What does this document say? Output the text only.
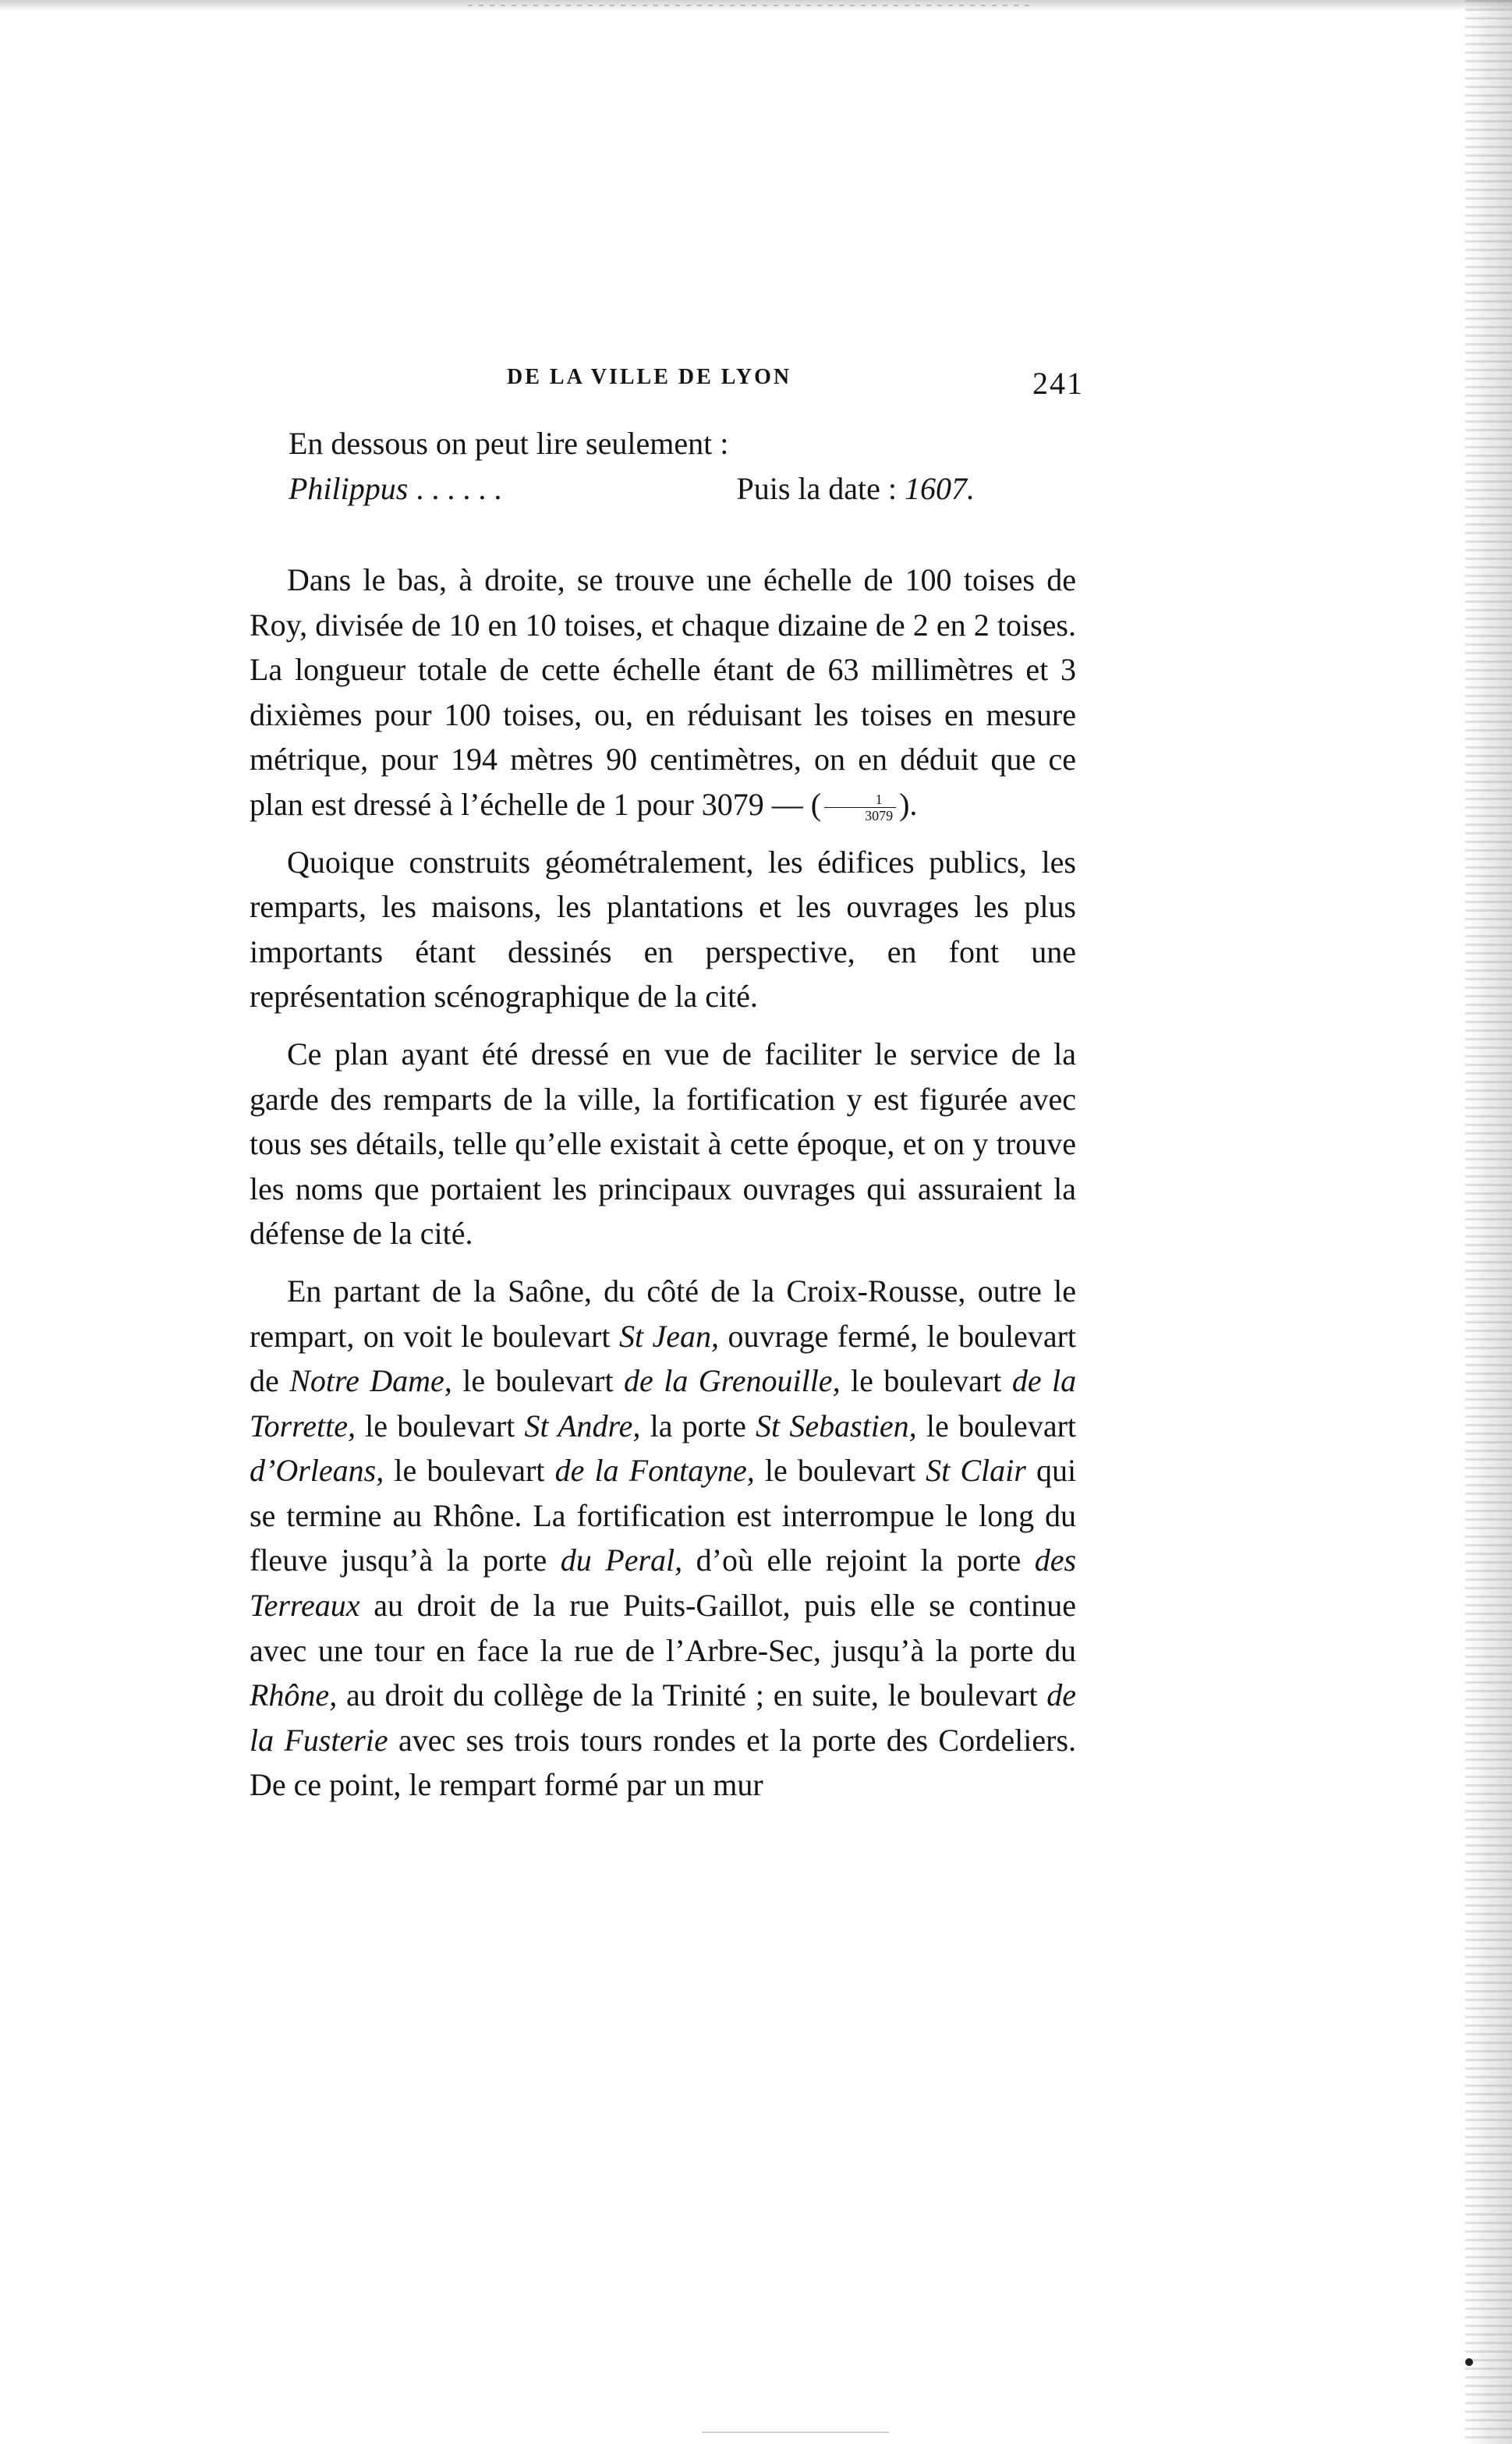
DE LA VILLE DE LYON	241
En dessous on peut lire seulement :
Philippus . . . . . .	Puis la date : 1607.

Dans le bas, à droite, se trouve une échelle de 100 toises de Roy, divisée de 10 en 10 toises, et chaque dizaine de 2 en 2 toises. La longueur totale de cette échelle étant de 63 millimètres et 3 dixièmes pour 100 toises, ou, en réduisant les toises en mesure métrique, pour 194 mètres 90 centimètres, on en déduit que ce plan est dressé à l’échelle de 1 pour 3079 — ( $\frac{1}{3079}$ ).

Quoique construits géométralement, les édifices publics, les remparts, les maisons, les plantations et les ouvrages les plus importants étant dessinés en perspective, en font une représentation scénographique de la cité.

Ce plan ayant été dressé en vue de faciliter le service de la garde des remparts de la ville, la fortification y est figurée avec tous ses détails, telle qu’elle existait à cette époque, et on y trouve les noms que portaient les principaux ouvrages qui assuraient la défense de la cité.

En partant de la Saône, du côté de la Croix-Rousse, outre le rempart, on voit le boulevart St Jean, ouvrage fermé, le boulevart de Notre Dame, le boulevart de la Grenouille, le boulevart de la Torrette, le boulevart St Andre, la porte St Sebastien, le boulevart d’Orleans, le boulevart de la Fontayne, le boulevart St Clair qui se termine au Rhône. La fortification est interrompue le long du fleuve jusqu’à la porte du Peral, d’où elle rejoint la porte des Terreaux au droit de la rue Puits-Gaillot, puis elle se continue avec une tour en face la rue de l’Arbre-Sec, jusqu’à la porte du Rhône, au droit du collège de la Trinité ; en suite, le boulevart de la Fusterie avec ses trois tours rondes et la porte des Cordeliers. De ce point, le rempart formé par un mur
